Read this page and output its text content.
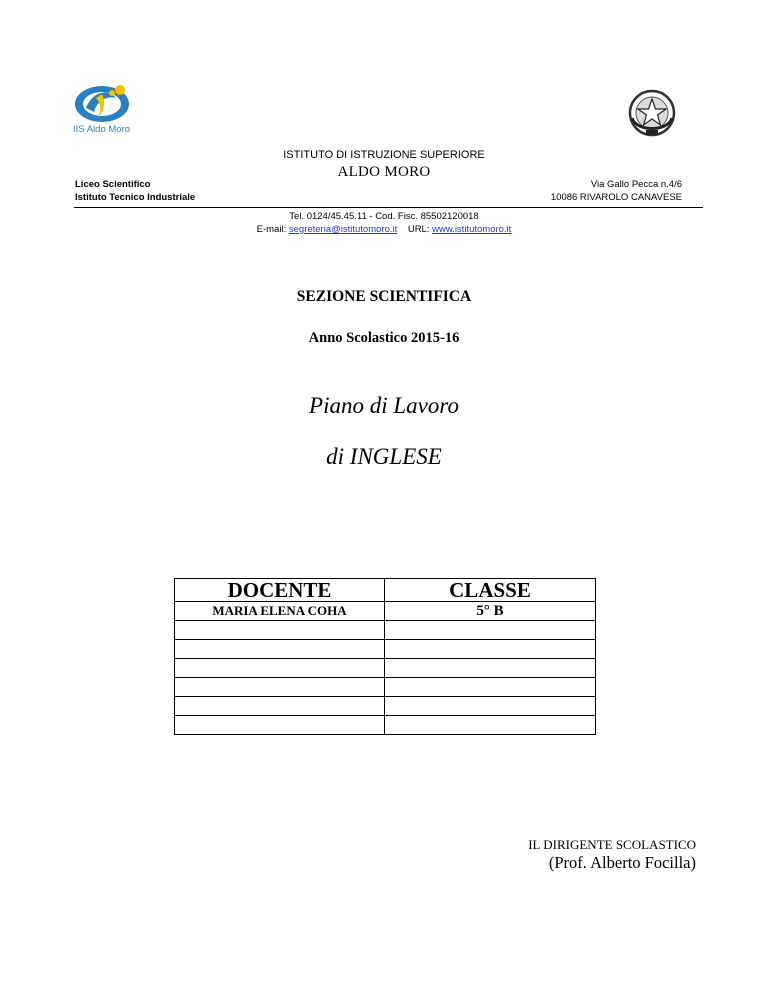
IIS Aldo Moro
ISTITUTO DI ISTRUZIONE SUPERIORE
ALDO MORO
Liceo Scientifico
Istituto Tecnico Industriale
Via Gallo Pecca n.4/6
10086 RIVAROLO CANAVESE
Tel. 0124/45.45.11 - Cod. Fisc. 85502120018
E-mail: segreteria@istitutomoro.it URL: www.istitutomoro.it
SEZIONE SCIENTIFICA
Anno Scolastico 2015-16
Piano di Lavoro
di INGLESE
DOCENTE	CLASSE
MARIA ELENA COHA	5° B

IL DIRIGENTE SCOLASTICO
(Prof. Alberto Focilla)
